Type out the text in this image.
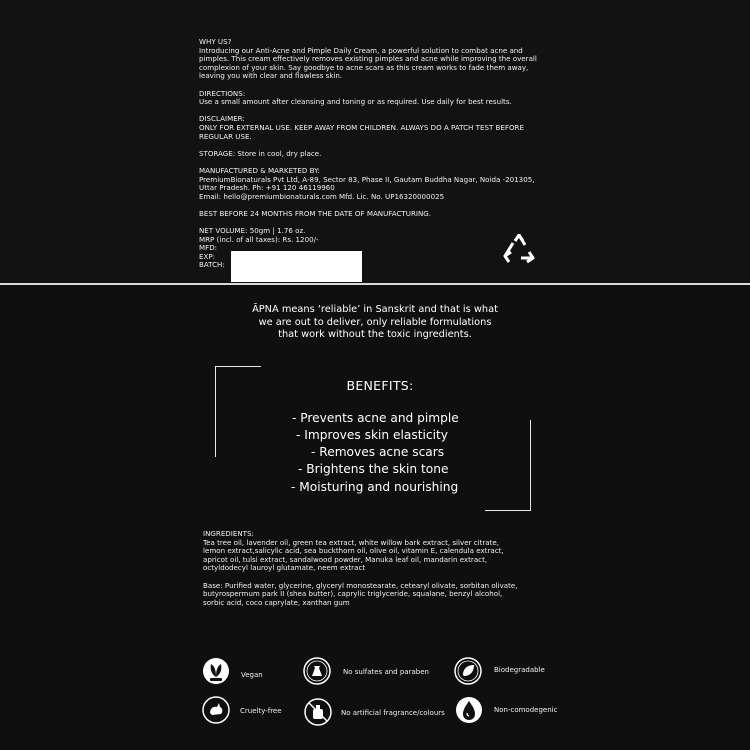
WHY US?
Introducing our Anti-Acne and Pimple Daily Cream, a powerful solution to combat acne and
pimples. This cream effectively removes existing pimples and acne while improving the overall
complexion of your skin. Say goodbye to acne scars as this cream works to fade them away,
leaving you with clear and flawless skin.

DIRECTIONS:
Use a small amount after cleansing and toning or as required. Use daily for best results.

DISCLAIMER:
ONLY FOR EXTERNAL USE. KEEP AWAY FROM CHILDREN. ALWAYS DO A PATCH TEST BEFORE
REGULAR USE.

STORAGE: Store in cool, dry place.

MANUFACTURED & MARKETED BY:
PremiumBionaturals Pvt Ltd, A-89, Sector 83, Phase II, Gautam Buddha Nagar, Noida -201305,
Uttar Pradesh. Ph: +91 120 46119960
Email: hello@premiumbionaturals.com Mfd. Lic. No. UP16320000025

BEST BEFORE 24 MONTHS FROM THE DATE OF MANUFACTURING.

NET VOLUME: 50gm | 1.76 oz.
MRP (incl. of all taxes): Rs. 1200/-
MFD:
EXP:
BATCH:
ĀPNA means ‘reliable’ in Sanskrit and that is what
we are out to deliver, only reliable formulations
that work without the toxic ingredients.
BENEFITS:
- Prevents acne and pimple
- Improves skin elasticity
- Removes acne scars
- Brightens the skin tone
- Moisturing and nourishing
INGREDIENTS:
Tea tree oil, lavender oil, green tea extract, white willow bark extract, silver citrate,
lemon extract,salicylic acid, sea buckthorn oil, olive oil, vitamin E, calendula extract,
apricot oil, tulsi extract, sandalwood powder, Manuka leaf oil, mandarin extract,
octyldodecyl lauroyl glutamate, neem extract

Base: Purified water, glycerine, glyceryl monostearate, cetearyl olivate, sorbitan olivate,
butyrospermum park II (shea butter), caprylic triglyceride, squalane, benzyl alcohol,
sorbic acid, coco caprylate, xanthan gum
Vegan	No sulfates and paraben	Biodegradable
Cruelty-free	No artificial fragrance/colours	Non-comodegenic
